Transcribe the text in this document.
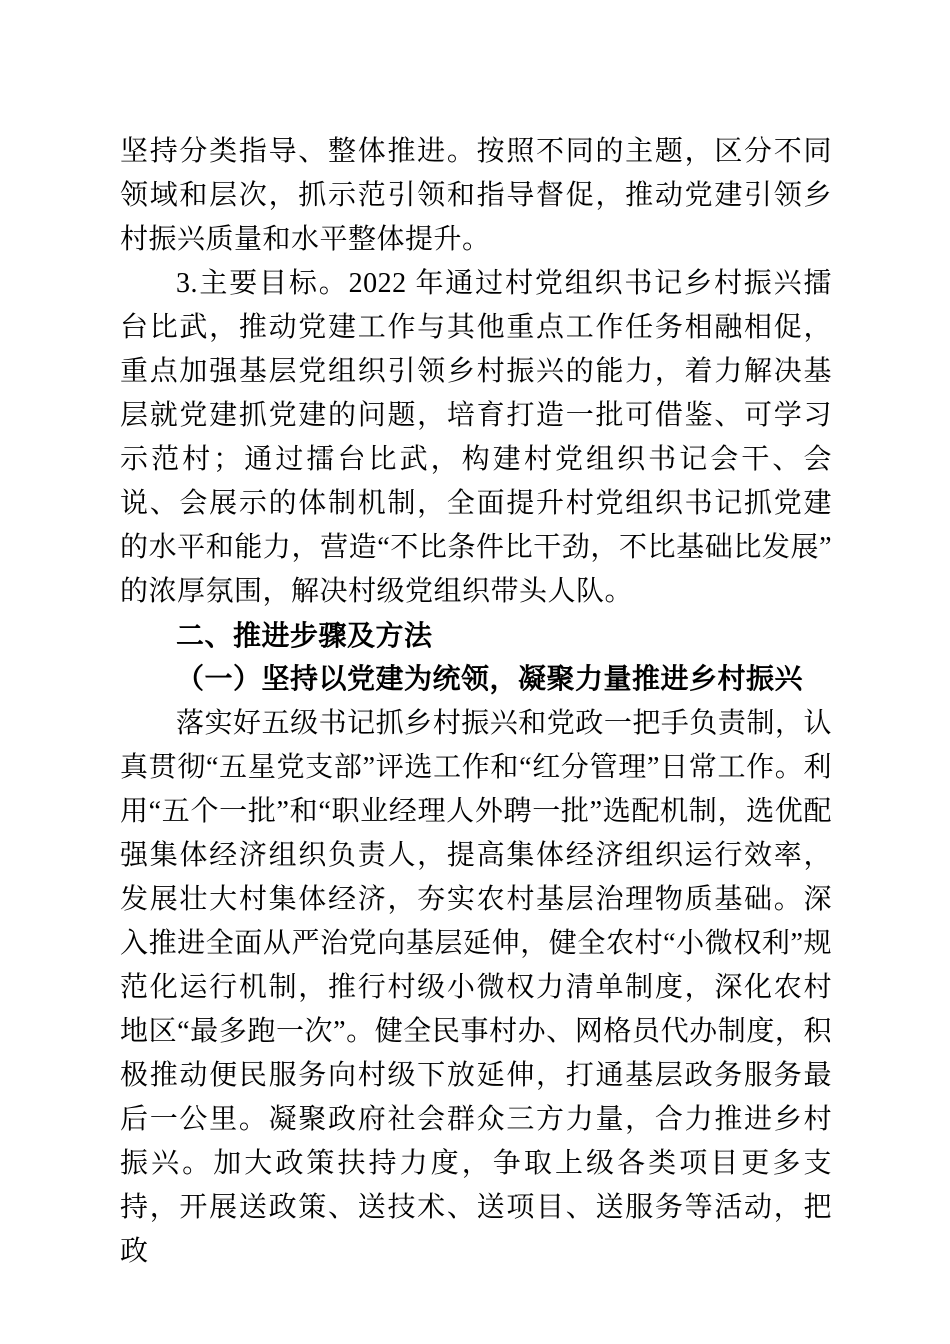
坚持分类指导、整体推进。按照不同的主题，区分不同领域和层次，抓示范引领和指导督促，推动党建引领乡村振兴质量和水平整体提升。

3.主要目标。2022 年通过村党组织书记乡村振兴擂台比武，推动党建工作与其他重点工作任务相融相促，重点加强基层党组织引领乡村振兴的能力，着力解决基层就党建抓党建的问题，培育打造一批可借鉴、可学习示范村；通过擂台比武，构建村党组织书记会干、会说、会展示的体制机制，全面提升村党组织书记抓党建的水平和能力，营造“不比条件比干劲，不比基础比发展”的浓厚氛围，解决村级党组织带头人队。

二、推进步骤及方法

（一）坚持以党建为统领，凝聚力量推进乡村振兴

落实好五级书记抓乡村振兴和党政一把手负责制，认真贯彻“五星党支部”评选工作和“红分管理”日常工作。利用“五个一批”和“职业经理人外聘一批”选配机制，选优配强集体经济组织负责人，提高集体经济组织运行效率，发展壮大村集体经济，夯实农村基层治理物质基础。深入推进全面从严治党向基层延伸，健全农村“小微权利”规范化运行机制，推行村级小微权力清单制度，深化农村地区“最多跑一次”。健全民事村办、网格员代办制度，积极推动便民服务向村级下放延伸，打通基层政务服务最后一公里。凝聚政府社会群众三方力量，合力推进乡村振兴。加大政策扶持力度，争取上级各类项目更多支持，开展送政策、送技术、送项目、送服务等活动，把政
